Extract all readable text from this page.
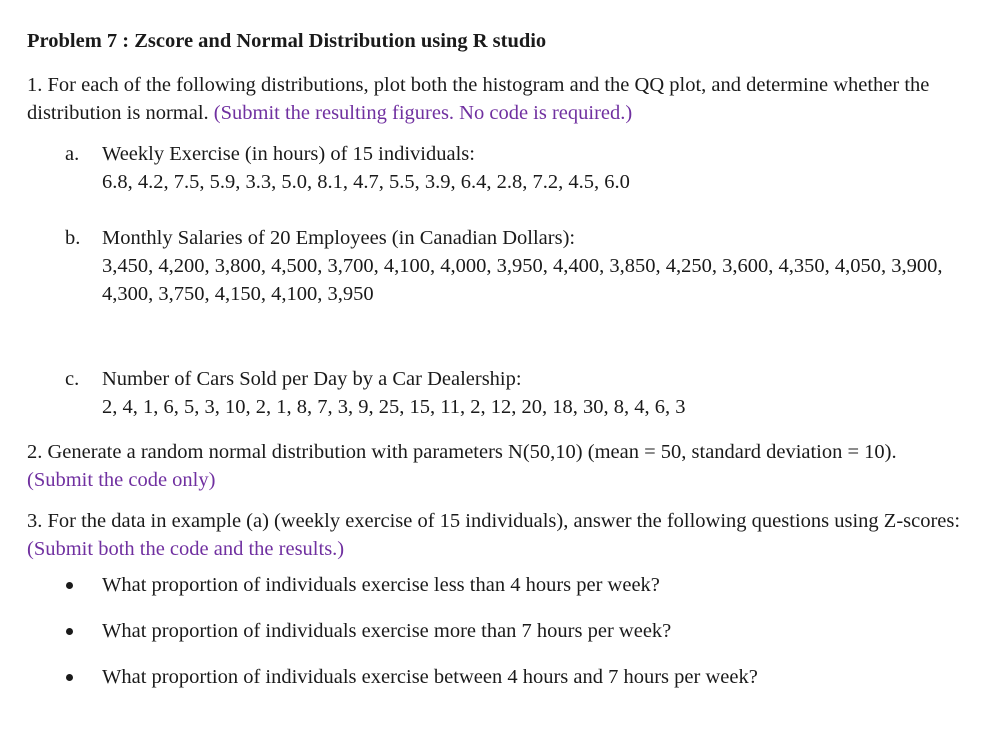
Problem 7 : Zscore and Normal Distribution using R studio
1. For each of the following distributions, plot both the histogram and the QQ plot, and determine whether the distribution is normal. (Submit the resulting figures. No code is required.)
a. Weekly Exercise (in hours) of 15 individuals:
6.8, 4.2, 7.5, 5.9, 3.3, 5.0, 8.1, 4.7, 5.5, 3.9, 6.4, 2.8, 7.2, 4.5, 6.0
b. Monthly Salaries of 20 Employees (in Canadian Dollars):
3,450, 4,200, 3,800, 4,500, 3,700, 4,100, 4,000, 3,950, 4,400, 3,850, 4,250, 3,600, 4,350, 4,050, 3,900, 4,300, 3,750, 4,150, 4,100, 3,950
c. Number of Cars Sold per Day by a Car Dealership:
2, 4, 1, 6, 5, 3, 10, 2, 1, 8, 7, 3, 9, 25, 15, 11, 2, 12, 20, 18, 30, 8, 4, 6, 3
2. Generate a random normal distribution with parameters N(50,10) (mean = 50, standard deviation = 10). (Submit the code only)
3. For the data in example (a) (weekly exercise of 15 individuals), answer the following questions using Z-scores: (Submit both the code and the results.)
What proportion of individuals exercise less than 4 hours per week?
What proportion of individuals exercise more than 7 hours per week?
What proportion of individuals exercise between 4 hours and 7 hours per week?
